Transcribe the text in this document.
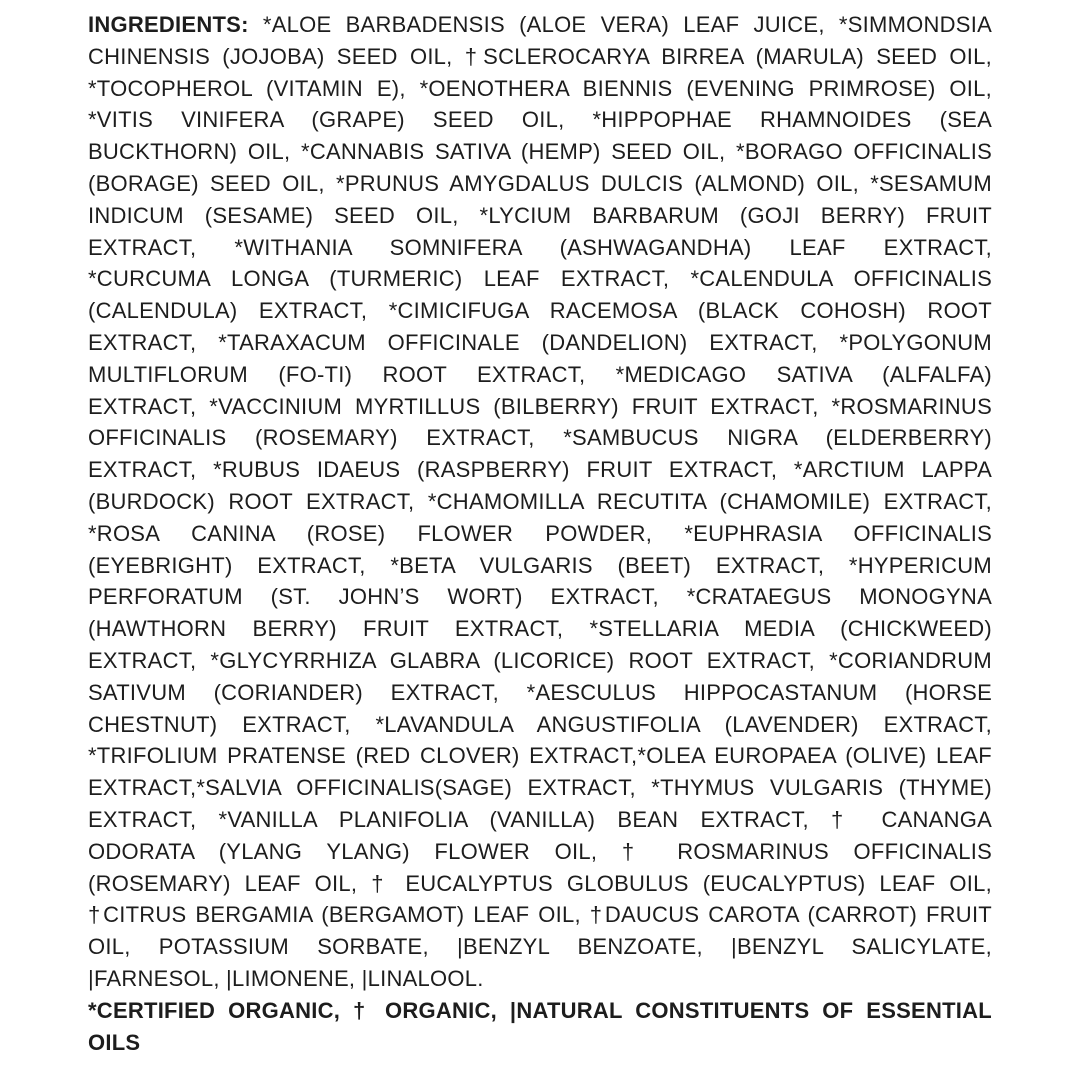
INGREDIENTS: *ALOE BARBADENSIS (ALOE VERA) LEAF JUICE, *SIMMONDSIA
CHINENSIS (JOJOBA) SEED OIL, †SCLEROCARYA BIRREA (MARULA) SEED OIL,
*TOCOPHEROL (VITAMIN E), *OENOTHERA BIENNIS (EVENING PRIMROSE) OIL,
*VITIS VINIFERA (GRAPE) SEED OIL, *HIPPOPHAE RHAMNOIDES (SEA
BUCKTHORN) OIL, *CANNABIS SATIVA (HEMP) SEED OIL, *BORAGO OFFICINALIS
(BORAGE) SEED OIL, *PRUNUS AMYGDALUS DULCIS (ALMOND) OIL, *SESAMUM
INDICUM (SESAME) SEED OIL, *LYCIUM BARBARUM (GOJI BERRY) FRUIT
EXTRACT, *WITHANIA SOMNIFERA (ASHWAGANDHA) LEAF EXTRACT,
*CURCUMA LONGA (TURMERIC) LEAF EXTRACT, *CALENDULA OFFICINALIS
(CALENDULA) EXTRACT, *CIMICIFUGA RACEMOSA (BLACK COHOSH) ROOT
EXTRACT, *TARAXACUM OFFICINALE (DANDELION) EXTRACT, *POLYGONUM
MULTIFLORUM (FO-TI) ROOT EXTRACT, *MEDICAGO SATIVA (ALFALFA)
EXTRACT, *VACCINIUM MYRTILLUS (BILBERRY) FRUIT EXTRACT, *ROSMARINUS
OFFICINALIS (ROSEMARY) EXTRACT, *SAMBUCUS NIGRA (ELDERBERRY)
EXTRACT, *RUBUS IDAEUS (RASPBERRY) FRUIT EXTRACT, *ARCTIUM LAPPA
(BURDOCK) ROOT EXTRACT, *CHAMOMILLA RECUTITA (CHAMOMILE) EXTRACT,
*ROSA CANINA (ROSE) FLOWER POWDER, *EUPHRASIA OFFICINALIS
(EYEBRIGHT) EXTRACT, *BETA VULGARIS (BEET) EXTRACT, *HYPERICUM
PERFORATUM (ST. JOHN’S WORT) EXTRACT, *CRATAEGUS MONOGYNA
(HAWTHORN BERRY) FRUIT EXTRACT, *STELLARIA MEDIA (CHICKWEED)
EXTRACT, *GLYCYRRHIZA GLABRA (LICORICE) ROOT EXTRACT, *CORIANDRUM
SATIVUM (CORIANDER) EXTRACT, *AESCULUS HIPPOCASTANUM (HORSE
CHESTNUT) EXTRACT, *LAVANDULA ANGUSTIFOLIA (LAVENDER) EXTRACT,
*TRIFOLIUM PRATENSE (RED CLOVER) EXTRACT,*OLEA EUROPAEA (OLIVE) LEAF
EXTRACT,*SALVIA OFFICINALIS(SAGE) EXTRACT, *THYMUS VULGARIS (THYME)
EXTRACT, *VANILLA PLANIFOLIA (VANILLA) BEAN EXTRACT, † CANANGA
ODORATA (YLANG YLANG) FLOWER OIL, † ROSMARINUS OFFICINALIS
(ROSEMARY) LEAF OIL, † EUCALYPTUS GLOBULUS (EUCALYPTUS) LEAF OIL,
†CITRUS BERGAMIA (BERGAMOT) LEAF OIL, †DAUCUS CAROTA (CARROT) FRUIT
OIL, POTASSIUM SORBATE, |BENZYL BENZOATE, |BENZYL SALICYLATE,
|FARNESOL, |LIMONENE, |LINALOOL.
*CERTIFIED ORGANIC, † ORGANIC, |NATURAL CONSTITUENTS OF ESSENTIAL
OILS
